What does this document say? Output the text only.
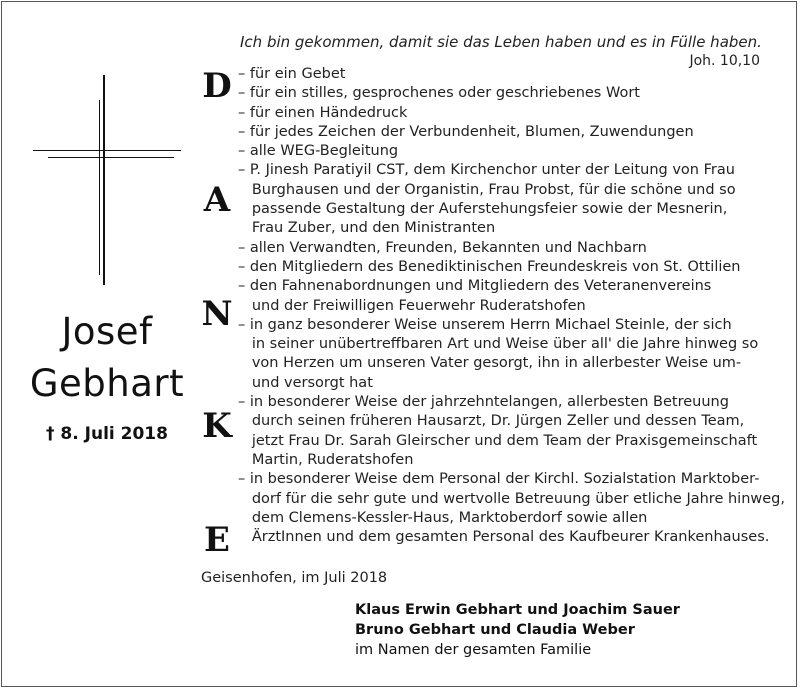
Ich bin gekommen, damit sie das Leben haben und es in Fülle haben.
Joh. 10,10
Josef
Gebhart
† 8. Juli 2018
D
A
N
K
E
– für ein Gebet
– für ein stilles, gesprochenes oder geschriebenes Wort
– für einen Händedruck
– für jedes Zeichen der Verbundenheit, Blumen, Zuwendungen
– alle WEG-Begleitung
– P. Jinesh Paratiyil CST, dem Kirchenchor unter der Leitung von Frau
Burghausen und der Organistin, Frau Probst, für die schöne und so
passende Gestaltung der Auferstehungsfeier sowie der Mesnerin,
Frau Zuber, und den Ministranten
– allen Verwandten, Freunden, Bekannten und Nachbarn
– den Mitgliedern des Benediktinischen Freundeskreis von St. Ottilien
– den Fahnenabordnungen und Mitgliedern des Veteranenvereins
und der Freiwilligen Feuerwehr Ruderatshofen
– in ganz besonderer Weise unserem Herrn Michael Steinle, der sich
in seiner unübertreffbaren Art und Weise über all' die Jahre hinweg so
von Herzen um unseren Vater gesorgt, ihn in allerbester Weise um-
und versorgt hat
– in besonderer Weise der jahrzehntelangen, allerbesten Betreuung
durch seinen früheren Hausarzt, Dr. Jürgen Zeller und dessen Team,
jetzt Frau Dr. Sarah Gleirscher und dem Team der Praxisgemeinschaft
Martin, Ruderatshofen
– in besonderer Weise dem Personal der Kirchl. Sozialstation Marktober-
dorf für die sehr gute und wertvolle Betreuung über etliche Jahre hinweg,
dem Clemens-Kessler-Haus, Marktoberdorf sowie allen
ÄrztInnen und dem gesamten Personal des Kaufbeurer Krankenhauses.
Geisenhofen, im Juli 2018
Klaus Erwin Gebhart und Joachim Sauer
Bruno Gebhart und Claudia Weber
im Namen der gesamten Familie
